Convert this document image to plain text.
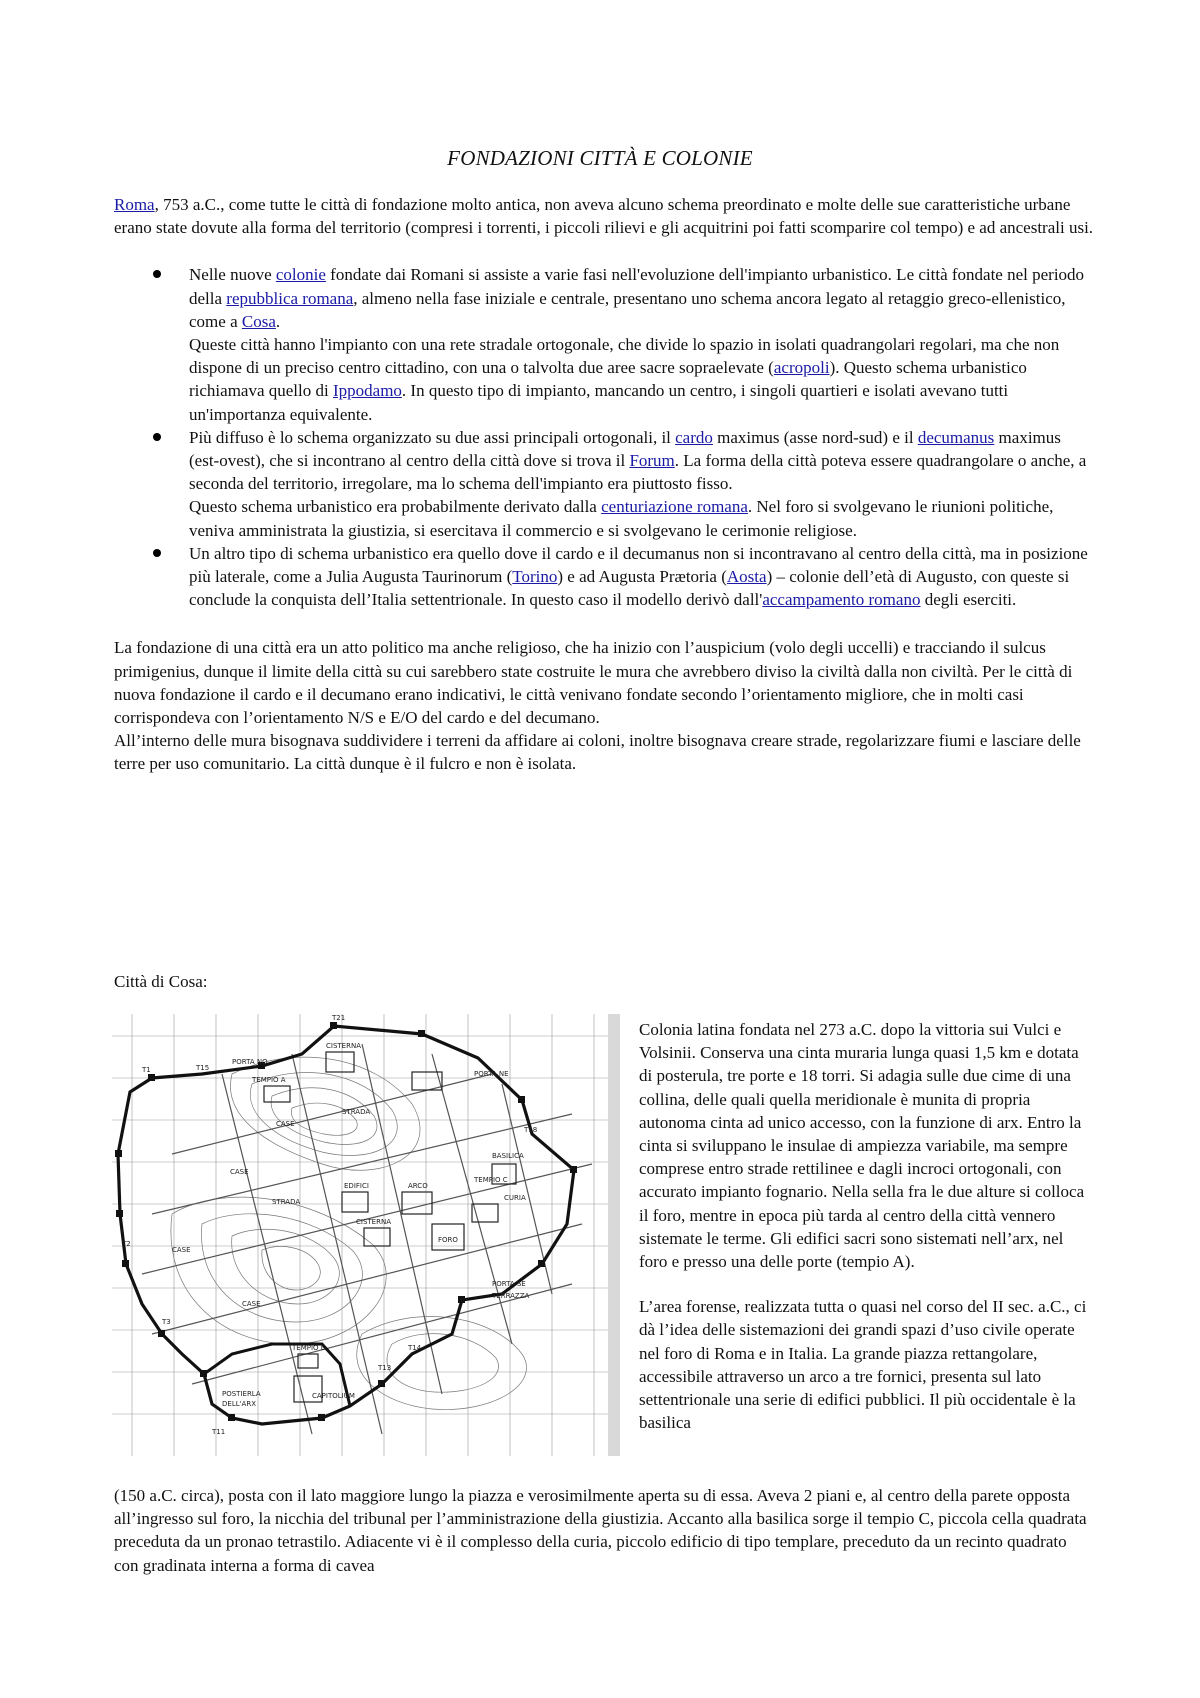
FONDAZIONI CITTÀ E COLONIE

Roma, 753 a.C., come tutte le città di fondazione molto antica, non aveva alcuno schema preordinato e molte delle sue caratteristiche urbane erano state dovute alla forma del territorio (compresi i torrenti, i piccoli rilievi e gli acquitrini poi fatti scomparire col tempo) e ad ancestrali usi.

Nelle nuove colonie fondate dai Romani si assiste a varie fasi nell'evoluzione dell'impianto urbanistico. Le città fondate nel periodo della repubblica romana, almeno nella fase iniziale e centrale, presentano uno schema ancora legato al retaggio greco-ellenistico, come a Cosa.
Queste città hanno l'impianto con una rete stradale ortogonale, che divide lo spazio in isolati quadrangolari regolari, ma che non dispone di un preciso centro cittadino, con una o talvolta due aree sacre sopraelevate (acropoli). Questo schema urbanistico richiamava quello di Ippodamo. In questo tipo di impianto, mancando un centro, i singoli quartieri e isolati avevano tutti un'importanza equivalente.
Più diffuso è lo schema organizzato su due assi principali ortogonali, il cardo maximus (asse nord-sud) e il decumanus maximus (est-ovest), che si incontrano al centro della città dove si trova il Forum. La forma della città poteva essere quadrangolare o anche, a seconda del territorio, irregolare, ma lo schema dell'impianto era piuttosto fisso.
Questo schema urbanistico era probabilmente derivato dalla centuriazione romana. Nel foro si svolgevano le riunioni politiche, veniva amministrata la giustizia, si esercitava il commercio e si svolgevano le cerimonie religiose.
Un altro tipo di schema urbanistico era quello dove il cardo e il decumanus non si incontravano al centro della città, ma in posizione più laterale, come a Julia Augusta Taurinorum (Torino) e ad Augusta Prætoria (Aosta) – colonie dell’età di Augusto, con queste si conclude la conquista dell’Italia settentrionale. In questo caso il modello derivò dall'accampamento romano degli eserciti.

La fondazione di una città era un atto politico ma anche religioso, che ha inizio con l’auspicium (volo degli uccelli) e tracciando il sulcus primigenius, dunque il limite della città su cui sarebbero state costruite le mura che avrebbero diviso la civiltà dalla non civiltà. Per le città di nuova fondazione il cardo e il decumano erano indicativi, le città venivano fondate secondo l’orientamento migliore, che in molti casi corrispondeva con l’orientamento N/S e E/O del cardo e del decumano.

All’interno delle mura bisognava suddividere i terreni da affidare ai coloni, inoltre bisognava creare strade, regolarizzare fiumi e lasciare delle terre per uso comunitario. La città dunque è il fulcro e non è isolata.

Città di Cosa:
PORTA NO
CISTERNA
TEMPIO A
PORTA NE
CASE
CASE
CASE
CASE
STRADA
STRADA
BASILICA
EDIFICI	ARCO
CISTERNA
FORO
CURIA
TEMPIO C
PORTA SE
TERRAZZA
TEMPIO D
CAPITOLIUM
POSTIERLA
DELL'ARX
T1
T21
T15
T18
T11
T13
T14
T2
T3

Colonia latina fondata nel 273 a.C. dopo la vittoria sui Vulci e Volsinii. Conserva una cinta muraria lunga quasi 1,5 km e dotata di posterula, tre porte e 18 torri. Si adagia sulle due cime di una collina, delle quali quella meridionale è munita di propria autonoma cinta ad unico accesso, con la funzione di arx. Entro la cinta si sviluppano le insulae di ampiezza variabile, ma sempre comprese entro strade rettilinee e dagli incroci ortogonali, con accurato impianto fognario. Nella sella fra le due alture si colloca il foro, mentre in epoca più tarda al centro della città vennero sistemate le terme. Gli edifici sacri sono sistemati nell’arx, nel foro e presso una delle porte (tempio A).

L’area forense, realizzata tutta o quasi nel corso del II sec. a.C., ci dà l’idea delle sistemazioni dei grandi spazi d’uso civile operate nel foro di Roma e in Italia. La grande piazza rettangolare, accessibile attraverso un arco a tre fornici, presenta sul lato settentrionale una serie di edifici pubblici. Il più occidentale è la basilica

(150 a.C. circa), posta con il lato maggiore lungo la piazza e verosimilmente aperta su di essa. Aveva 2 piani e, al centro della parete opposta all’ingresso sul foro, la nicchia del tribunal per l’amministrazione della giustizia. Accanto alla basilica sorge il tempio C, piccola cella quadrata preceduta da un pronao tetrastilo. Adiacente vi è il complesso della curia, piccolo edificio di tipo templare, preceduto da un recinto quadrato con gradinata interna a forma di cavea
